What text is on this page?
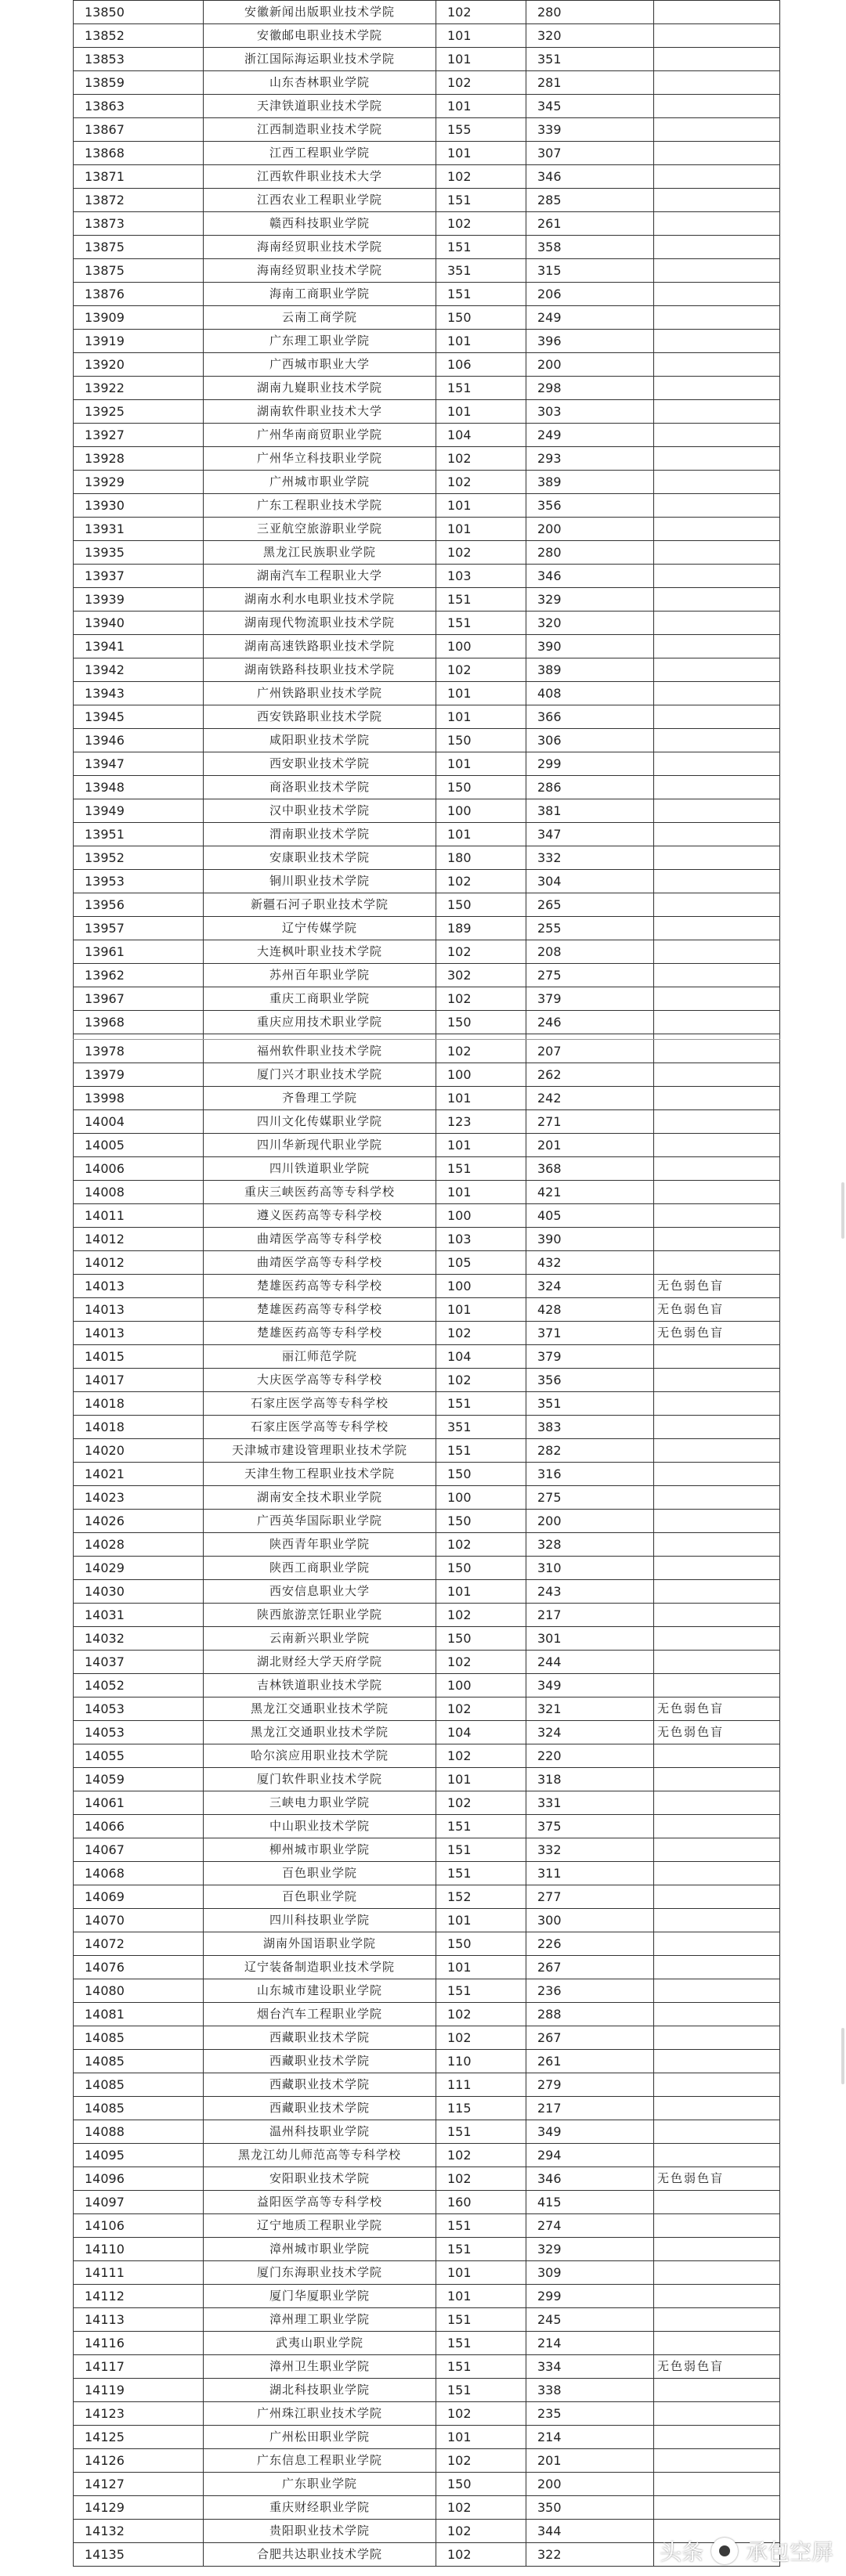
13850	安徽新闻出版职业技术学院	102	280	
13852	安徽邮电职业技术学院	101	320	
13853	浙江国际海运职业技术学院	101	351	
13859	山东杏林职业学院	102	281	
13863	天津铁道职业技术学院	101	345	
13867	江西制造职业技术学院	155	339	
13868	江西工程职业学院	101	307	
13871	江西软件职业技术大学	102	346	
13872	江西农业工程职业学院	151	285	
13873	赣西科技职业学院	102	261	
13875	海南经贸职业技术学院	151	358	
13875	海南经贸职业技术学院	351	315	
13876	海南工商职业学院	151	206	
13909	云南工商学院	150	249	
13919	广东理工职业学院	101	396	
13920	广西城市职业大学	106	200	
13922	湖南九嶷职业技术学院	151	298	
13925	湖南软件职业技术大学	101	303	
13927	广州华南商贸职业学院	104	249	
13928	广州华立科技职业学院	102	293	
13929	广州城市职业学院	102	389	
13930	广东工程职业技术学院	101	356	
13931	三亚航空旅游职业学院	101	200	
13935	黑龙江民族职业学院	102	280	
13937	湖南汽车工程职业大学	103	346	
13939	湖南水利水电职业技术学院	151	329	
13940	湖南现代物流职业技术学院	151	320	
13941	湖南高速铁路职业技术学院	100	390	
13942	湖南铁路科技职业技术学院	102	389	
13943	广州铁路职业技术学院	101	408	
13945	西安铁路职业技术学院	101	366	
13946	咸阳职业技术学院	150	306	
13947	西安职业技术学院	101	299	
13948	商洛职业技术学院	150	286	
13949	汉中职业技术学院	100	381	
13951	渭南职业技术学院	101	347	
13952	安康职业技术学院	180	332	
13953	铜川职业技术学院	102	304	
13956	新疆石河子职业技术学院	150	265	
13957	辽宁传媒学院	189	255	
13961	大连枫叶职业技术学院	102	208	
13962	苏州百年职业学院	302	275	
13967	重庆工商职业学院	102	379	
13968	重庆应用技术职业学院	150	246	

13978	福州软件职业技术学院	102	207	
13979	厦门兴才职业技术学院	100	262	
13998	齐鲁理工学院	101	242	
14004	四川文化传媒职业学院	123	271	
14005	四川华新现代职业学院	101	201	
14006	四川铁道职业学院	151	368	
14008	重庆三峡医药高等专科学校	101	421	
14011	遵义医药高等专科学校	100	405	
14012	曲靖医学高等专科学校	103	390	
14012	曲靖医学高等专科学校	105	432	
14013	楚雄医药高等专科学校	100	324	无色弱色盲
14013	楚雄医药高等专科学校	101	428	无色弱色盲
14013	楚雄医药高等专科学校	102	371	无色弱色盲
14015	丽江师范学院	104	379	
14017	大庆医学高等专科学校	102	356	
14018	石家庄医学高等专科学校	151	351	
14018	石家庄医学高等专科学校	351	383	
14020	天津城市建设管理职业技术学院	151	282	
14021	天津生物工程职业技术学院	150	316	
14023	湖南安全技术职业学院	100	275	
14026	广西英华国际职业学院	150	200	
14028	陕西青年职业学院	102	328	
14029	陕西工商职业学院	150	310	
14030	西安信息职业大学	101	243	
14031	陕西旅游烹饪职业学院	102	217	
14032	云南新兴职业学院	150	301	
14037	湖北财经大学天府学院	102	244	
14052	吉林铁道职业技术学院	100	349	
14053	黑龙江交通职业技术学院	102	321	无色弱色盲
14053	黑龙江交通职业技术学院	104	324	无色弱色盲
14055	哈尔滨应用职业技术学院	102	220	
14059	厦门软件职业技术学院	101	318	
14061	三峡电力职业学院	102	331	
14066	中山职业技术学院	151	375	
14067	柳州城市职业学院	151	332	
14068	百色职业学院	151	311	
14069	百色职业学院	152	277	
14070	四川科技职业学院	101	300	
14072	湖南外国语职业学院	150	226	
14076	辽宁装备制造职业技术学院	101	267	
14080	山东城市建设职业学院	151	236	
14081	烟台汽车工程职业学院	102	288	
14085	西藏职业技术学院	102	267	
14085	西藏职业技术学院	110	261	
14085	西藏职业技术学院	111	279	
14085	西藏职业技术学院	115	217	
14088	温州科技职业学院	151	349	
14095	黑龙江幼儿师范高等专科学校	102	294	
14096	安阳职业技术学院	102	346	无色弱色盲
14097	益阳医学高等专科学校	160	415	
14106	辽宁地质工程职业学院	151	274	
14110	漳州城市职业学院	151	329	
14111	厦门东海职业技术学院	101	309	
14112	厦门华厦职业学院	101	299	
14113	漳州理工职业学院	151	245	
14116	武夷山职业学院	151	214	
14117	漳州卫生职业学院	151	334	无色弱色盲
14119	湖北科技职业学院	151	338	
14123	广州珠江职业技术学院	102	235	
14125	广州松田职业学院	101	214	
14126	广东信息工程职业学院	102	201	
14127	广东职业学院	150	200	
14129	重庆财经职业学院	102	350	
14132	贵阳职业技术学院	102	344	
14135	合肥共达职业技术学院	102	322		头条 承包空屏
